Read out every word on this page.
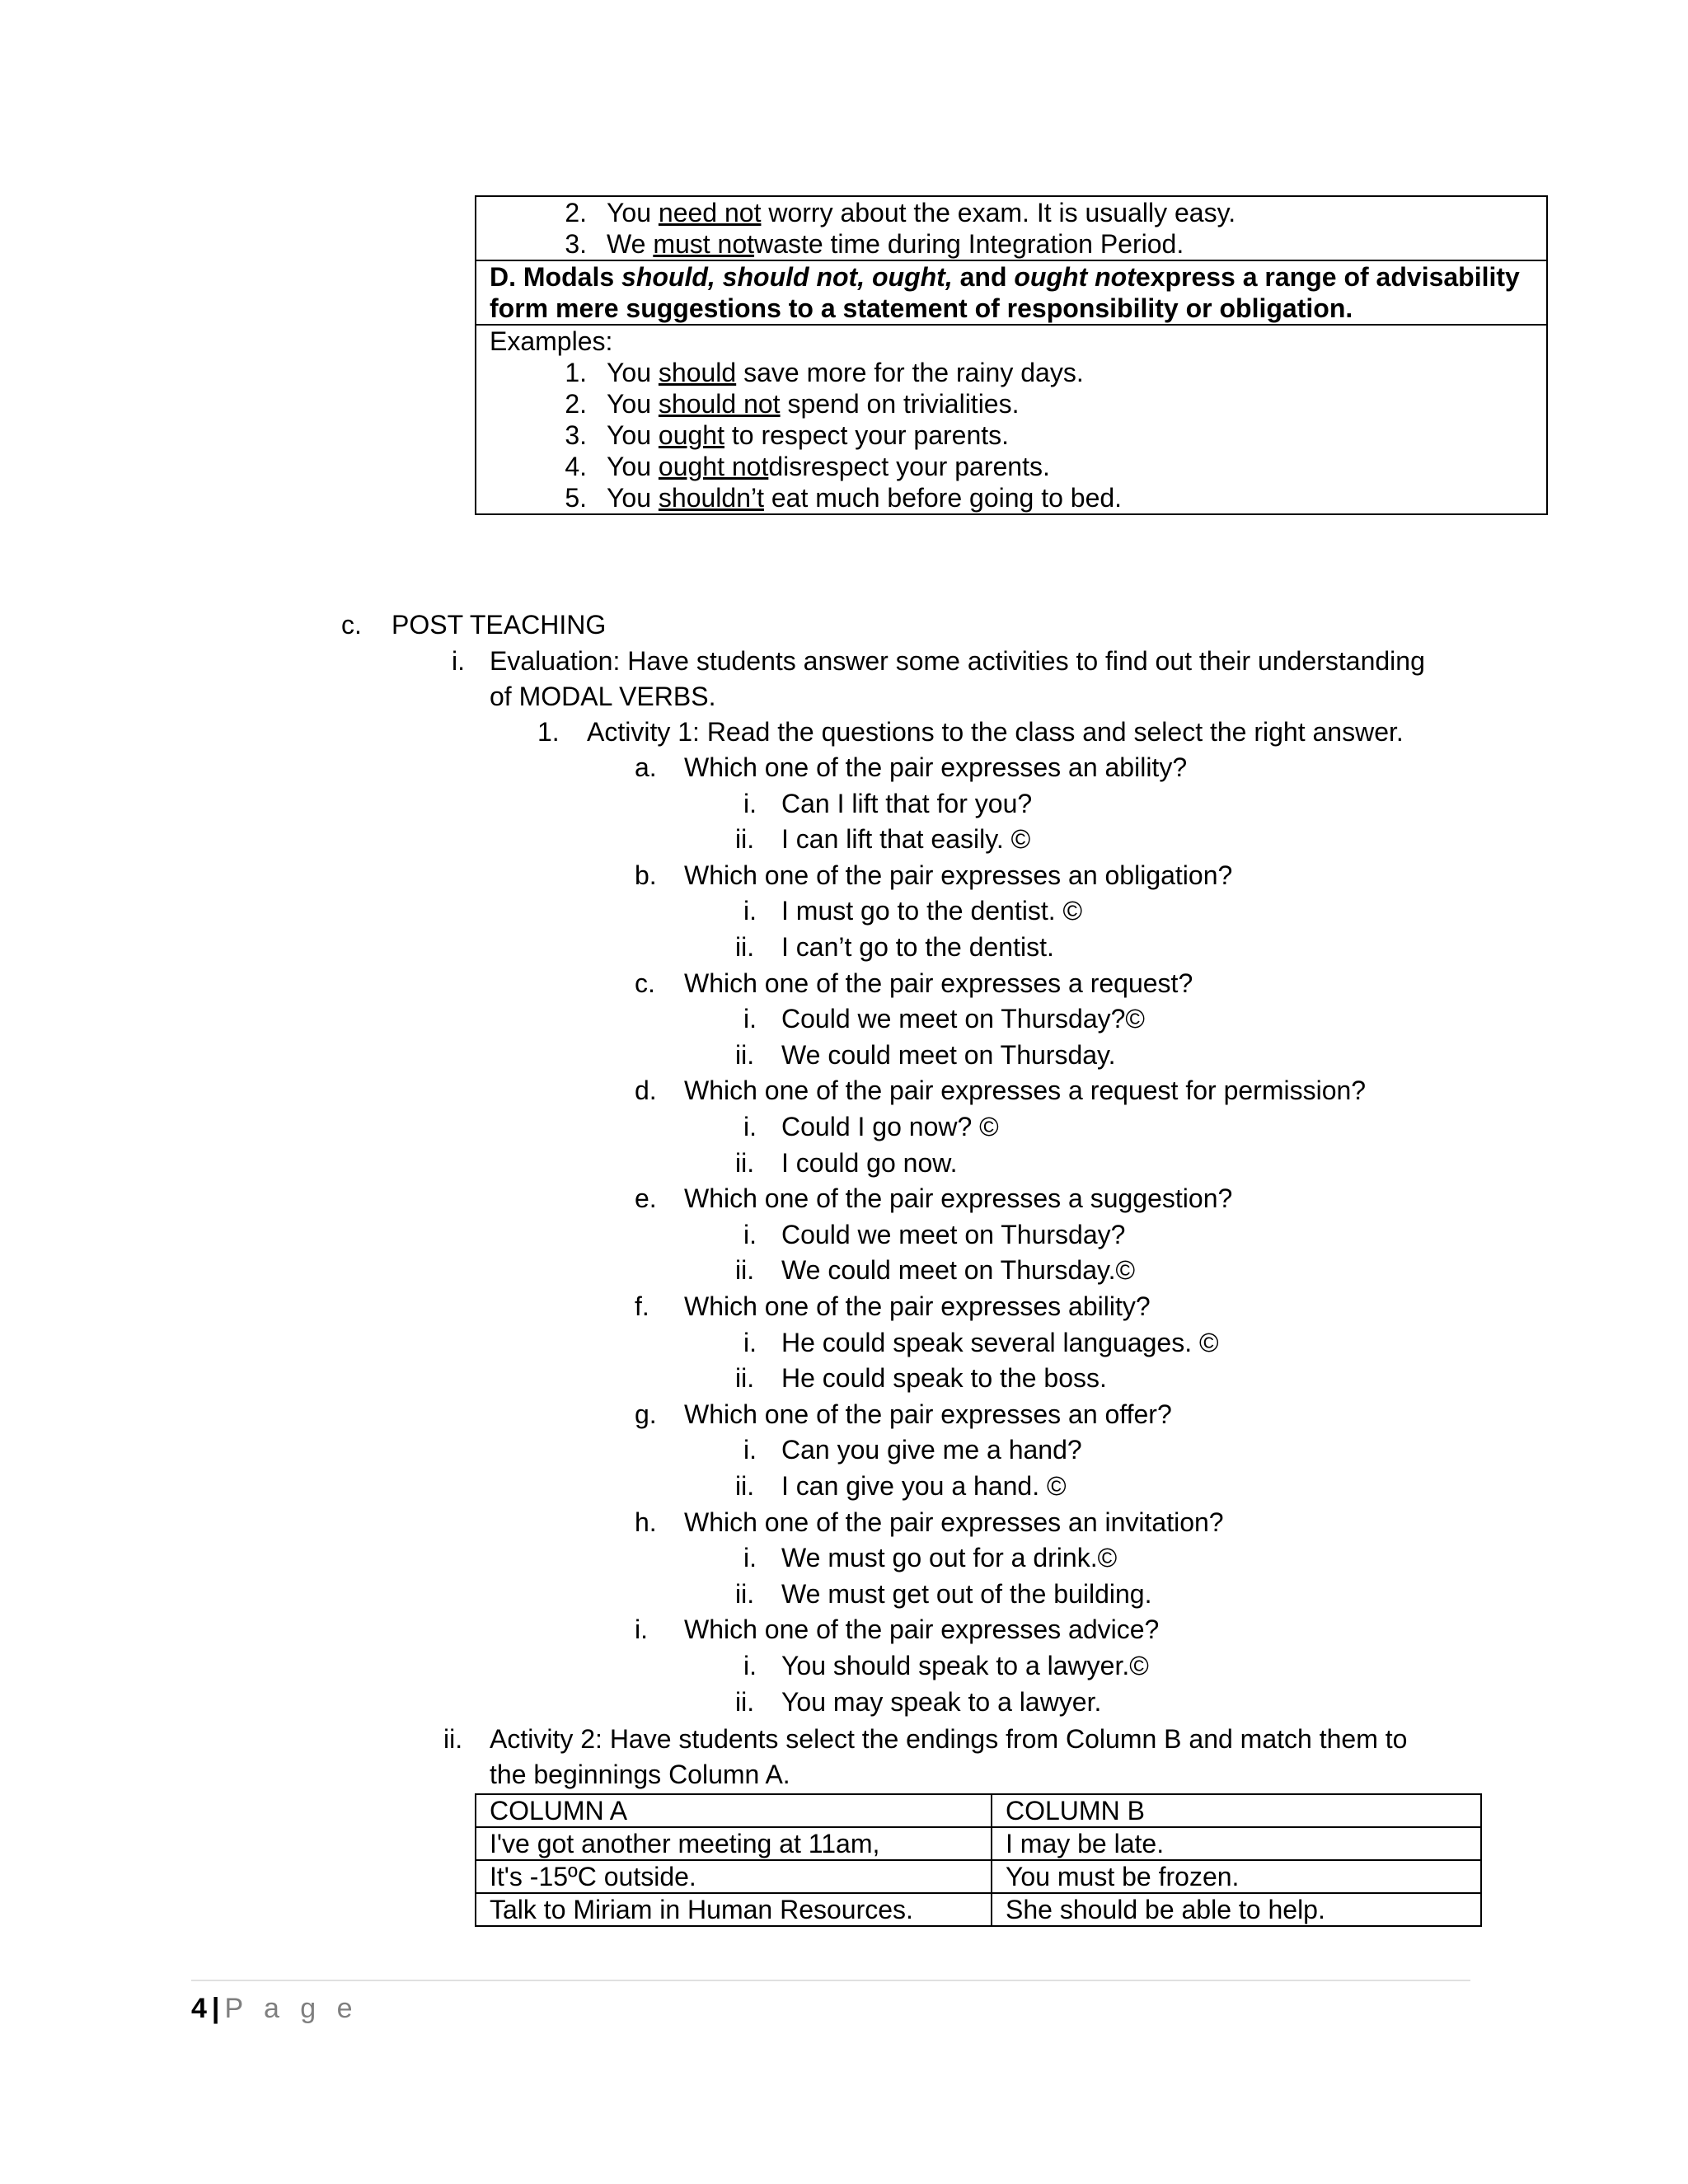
2. You need not worry about the exam. It is usually easy.
3. We must notwaste time during Integration Period.

D. Modals should, should not, ought, and ought notexpress a range of advisability form mere suggestions to a statement of responsibility or obligation.

Examples:
1. You should save more for the rainy days.
2. You should not spend on trivialities.
3. You ought to respect your parents.
4. You ought notdisrespect your parents.
5. You shouldn’t eat much before going to bed.
c. POST TEACHING
i. Evaluation: Have students answer some activities to find out their understanding
of MODAL VERBS.
1. Activity 1: Read the questions to the class and select the right answer.
a. Which one of the pair expresses an ability?
i. Can I lift that for you?
ii. I can lift that easily. ©
b. Which one of the pair expresses an obligation?
i. I must go to the dentist. ©
ii. I can’t go to the dentist.
c. Which one of the pair expresses a request?
i. Could we meet on Thursday?©
ii. We could meet on Thursday.
d. Which one of the pair expresses a request for permission?
i. Could I go now? ©
ii. I could go now.
e. Which one of the pair expresses a suggestion?
i. Could we meet on Thursday?
ii. We could meet on Thursday.©
f. Which one of the pair expresses ability?
i. He could speak several languages. ©
ii. He could speak to the boss.
g. Which one of the pair expresses an offer?
i. Can you give me a hand?
ii. I can give you a hand. ©
h. Which one of the pair expresses an invitation?
i. We must go out for a drink.©
ii. We must get out of the building.
i. Which one of the pair expresses advice?
i. You should speak to a lawyer.©
ii. You may speak to a lawyer.
ii. Activity 2: Have students select the endings from Column B and match them to
the beginnings Column A.
COLUMN A	COLUMN B
I've got another meeting at 11am,	I may be late.
It's -15ºC outside.	You must be frozen.
Talk to Miriam in Human Resources.	She should be able to help.
4 | P a g e
